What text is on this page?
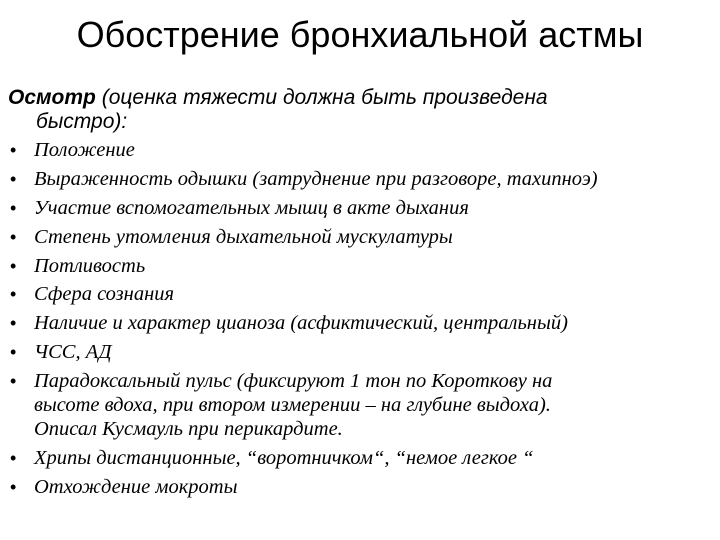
Обострение бронхиальной астмы
Осмотр (оценка тяжести должна быть произведена
быстро):
• Положение
• Выраженность одышки (затруднение при разговоре, тахипноэ)
• Участие вспомогательных мышц в акте дыхания
• Степень утомления дыхательной мускулатуры
• Потливость
• Сфера сознания
• Наличие и характер цианоза (асфиктический, центральный)
• ЧСС, АД
• Парадоксальный пульс (фиксируют 1 тон по Короткову на
высоте вдоха, при втором измерении – на глубине выдоха).
Описал Кусмауль при перикардите.
• Хрипы дистанционные, “воротничком“, “немое легкое “
• Отхождение мокроты
